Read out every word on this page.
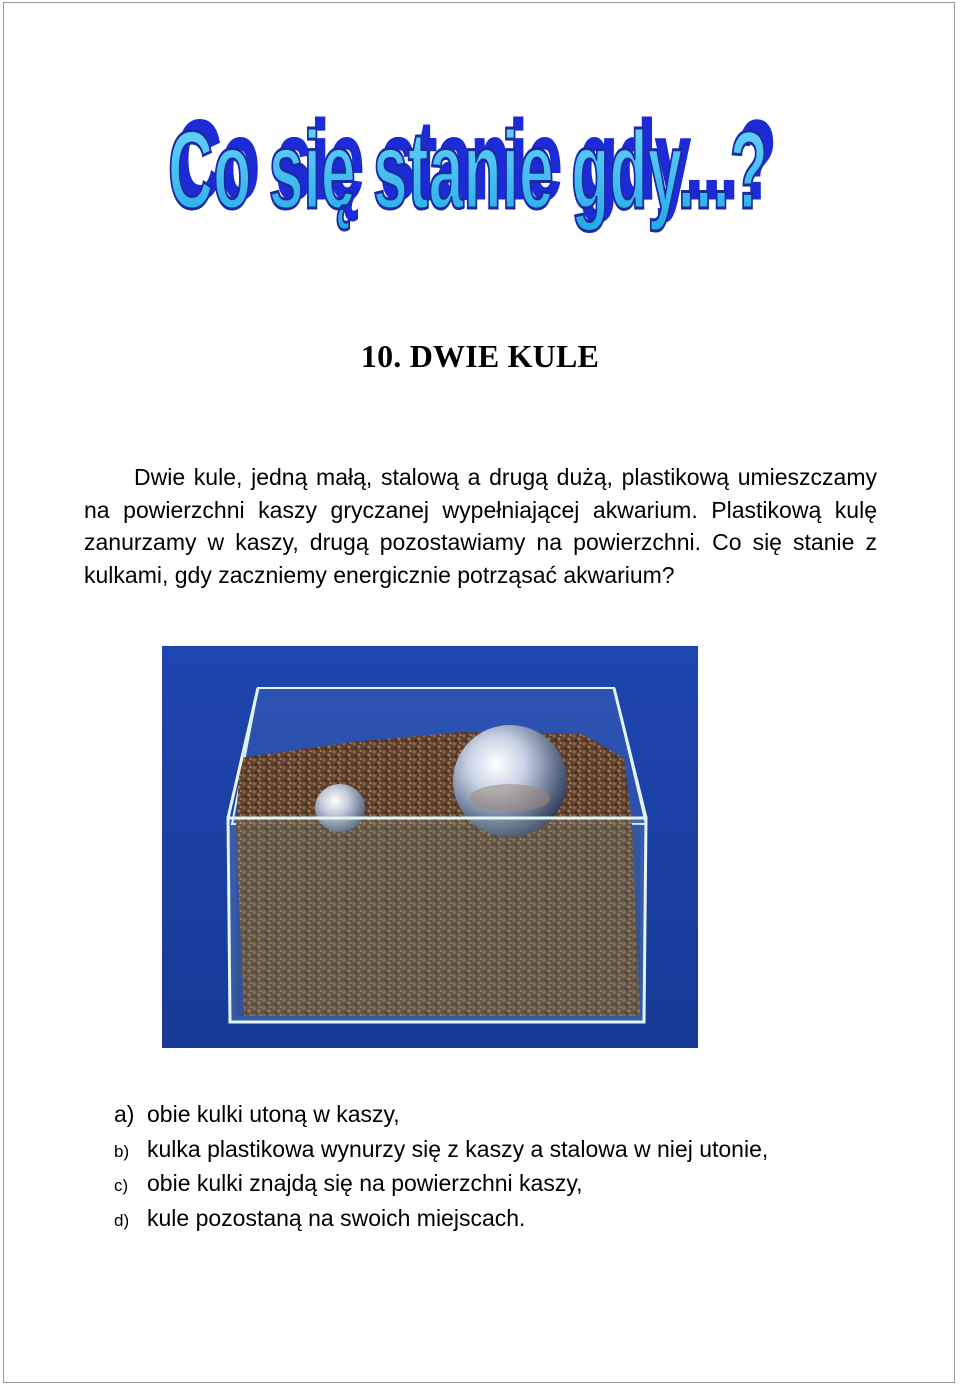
Co się stanie gdy...?
Co się stanie gdy...?
10. DWIE KULE

Dwie kule, jedną małą, stalową a drugą dużą, plastikową umieszczamy na powierzchni kaszy gryczanej wypełniającej akwarium. Plastikową kulę zanurzamy w kaszy, drugą pozostawiamy na powierzchni. Co się stanie z kulkami, gdy zaczniemy energicznie potrząsać akwarium?

a) obie kulki utoną w kaszy,
b) kulka plastikowa wynurzy się z kaszy a stalowa w niej utonie,
c) obie kulki znajdą się na powierzchni kaszy,
d) kule pozostaną na swoich miejscach.
